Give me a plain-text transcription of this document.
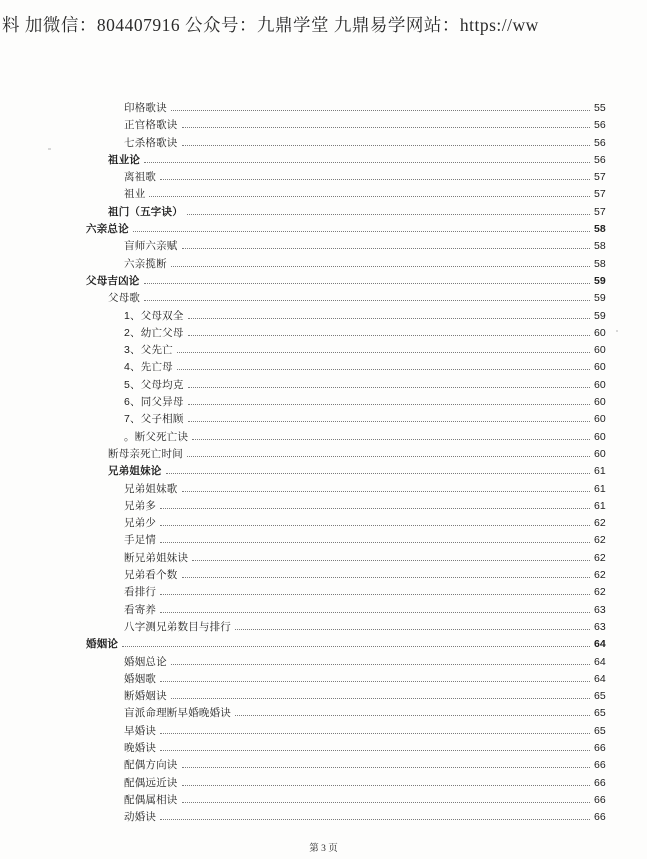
料 加微信：804407916 公众号：九鼎学堂 九鼎易学网站：https://ww
印格歌诀	55
正官格歌诀	56
七杀格歌诀	56
祖业论	56
离祖歌	57
祖业	57
祖门（五字诀）	57
六亲总论	58
盲师六亲赋	58
六亲揽断	58
父母吉凶论	59
父母歌	59
1、父母双全	59
2、幼亡父母	60
3、父先亡	60
4、先亡母	60
5、父母均克	60
6、同父异母	60
7、父子相顾	60
。断父死亡诀	60
断母亲死亡时间	60
兄弟姐妹论	61
兄弟姐妹歌	61
兄弟多	61
兄弟少	62
手足情	62
断兄弟姐妹诀	62
兄弟看个数	62
看排行	62
看寄养	63
八字测兄弟数目与排行	63
婚姻论	64
婚姻总论	64
婚姻歌	64
断婚姻诀	65
盲派命理断早婚晚婚诀	65
早婚诀	65
晚婚诀	66
配偶方向诀	66
配偶远近诀	66
配偶属相诀	66
动婚诀	66
第 3 页
